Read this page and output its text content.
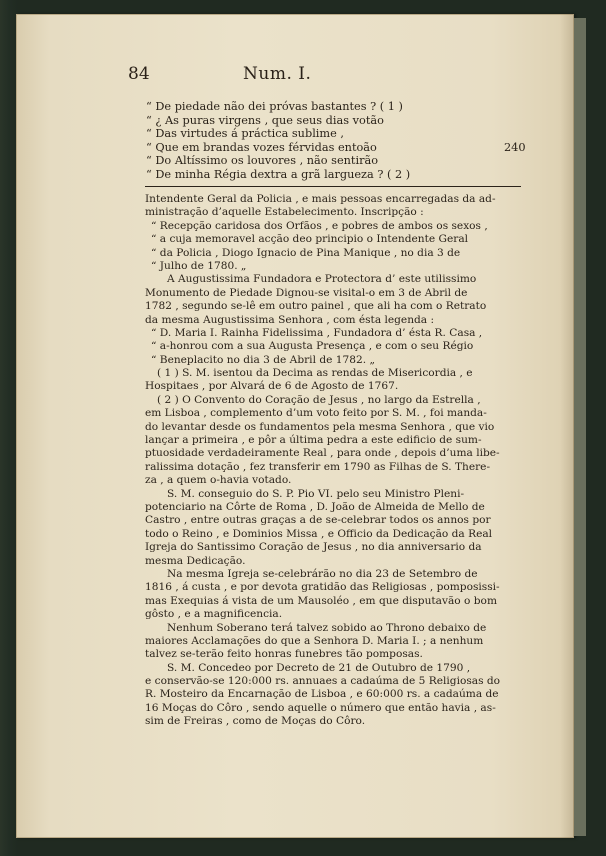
84	Num. I.
“ De piedade não dei próvas bastantes ? ( 1 )
“ ¿ As puras virgens , que seus dias votão
“ Das virtudes á práctica sublime ,
“ Que em brandas vozes férvidas entoão	240
“ Do Altíssimo os louvores , não sentirão
“ De minha Régia dextra a grã largueza ? ( 2 )
Intendente Geral da Policia , e mais pessoas encarregadas da ad-
ministração d’aquelle Estabelecimento. Inscripção :
“ Recepção caridosa dos Orfãos , e pobres de ambos os sexos ,
“ a cuja memoravel acção deo principio o Intendente Geral
“ da Policia , Diogo Ignacio de Pina Manique , no dia 3 de
“ Julho de 1780. „
A Augustissima Fundadora e Protectora d’ este utilissimo
Monumento de Piedade Dignou-se visital-o em 3 de Abril de
1782 , segundo se-lê em outro painel , que ali ha com o Retrato
da mesma Augustissima Senhora , com ésta legenda :
“ D. Maria I. Rainha Fidelissima , Fundadora d’ ésta R. Casa ,
“ a-honrou com a sua Augusta Presença , e com o seu Régio
“ Beneplacito no dia 3 de Abril de 1782. „
( 1 ) S. M. isentou da Decima as rendas de Misericordia , e
Hospitaes , por Alvará de 6 de Agosto de 1767.
( 2 ) O Convento do Coração de Jesus , no largo da Estrella ,
em Lisboa , complemento d’um voto feito por S. M. , foi manda-
do levantar desde os fundamentos pela mesma Senhora , que vio
lançar a primeira , e pôr a última pedra a este edificio de sum-
ptuosidade verdadeiramente Real , para onde , depois d’uma libe-
ralissima dotação , fez transferir em 1790 as Filhas de S. There-
za , a quem o-havia votado.
S. M. conseguio do S. P. Pio VI. pelo seu Ministro Pleni-
potenciario na Côrte de Roma , D. João de Almeida de Mello de
Castro , entre outras graças a de se-celebrar todos os annos por
todo o Reino , e Dominios Missa , e Officio da Dedicação da Real
Igreja do Santissimo Coração de Jesus , no dia anniversario da
mesma Dedicação.
Na mesma Igreja se-celebrárão no dia 23 de Setembro de
1816 , á custa , e por devota gratidão das Religiosas , pomposissi-
mas Exequias á vista de um Mausoléo , em que disputavão o bom
gôsto , e a magnificencia.
Nenhum Soberano terá talvez sobido ao Throno debaixo de
maiores Acclamações do que a Senhora D. Maria I. ; a nenhum
talvez se-terão feito honras funebres tão pomposas.
S. M. Concedeo por Decreto de 21 de Outubro de 1790 ,
e conservão-se 120:000 rs. annuaes a cadaúma de 5 Religiosas do
R. Mosteiro da Encarnação de Lisboa , e 60:000 rs. a cadaúma de
16 Moças do Côro , sendo aquelle o número que então havia , as-
sim de Freiras , como de Moças do Côro.
